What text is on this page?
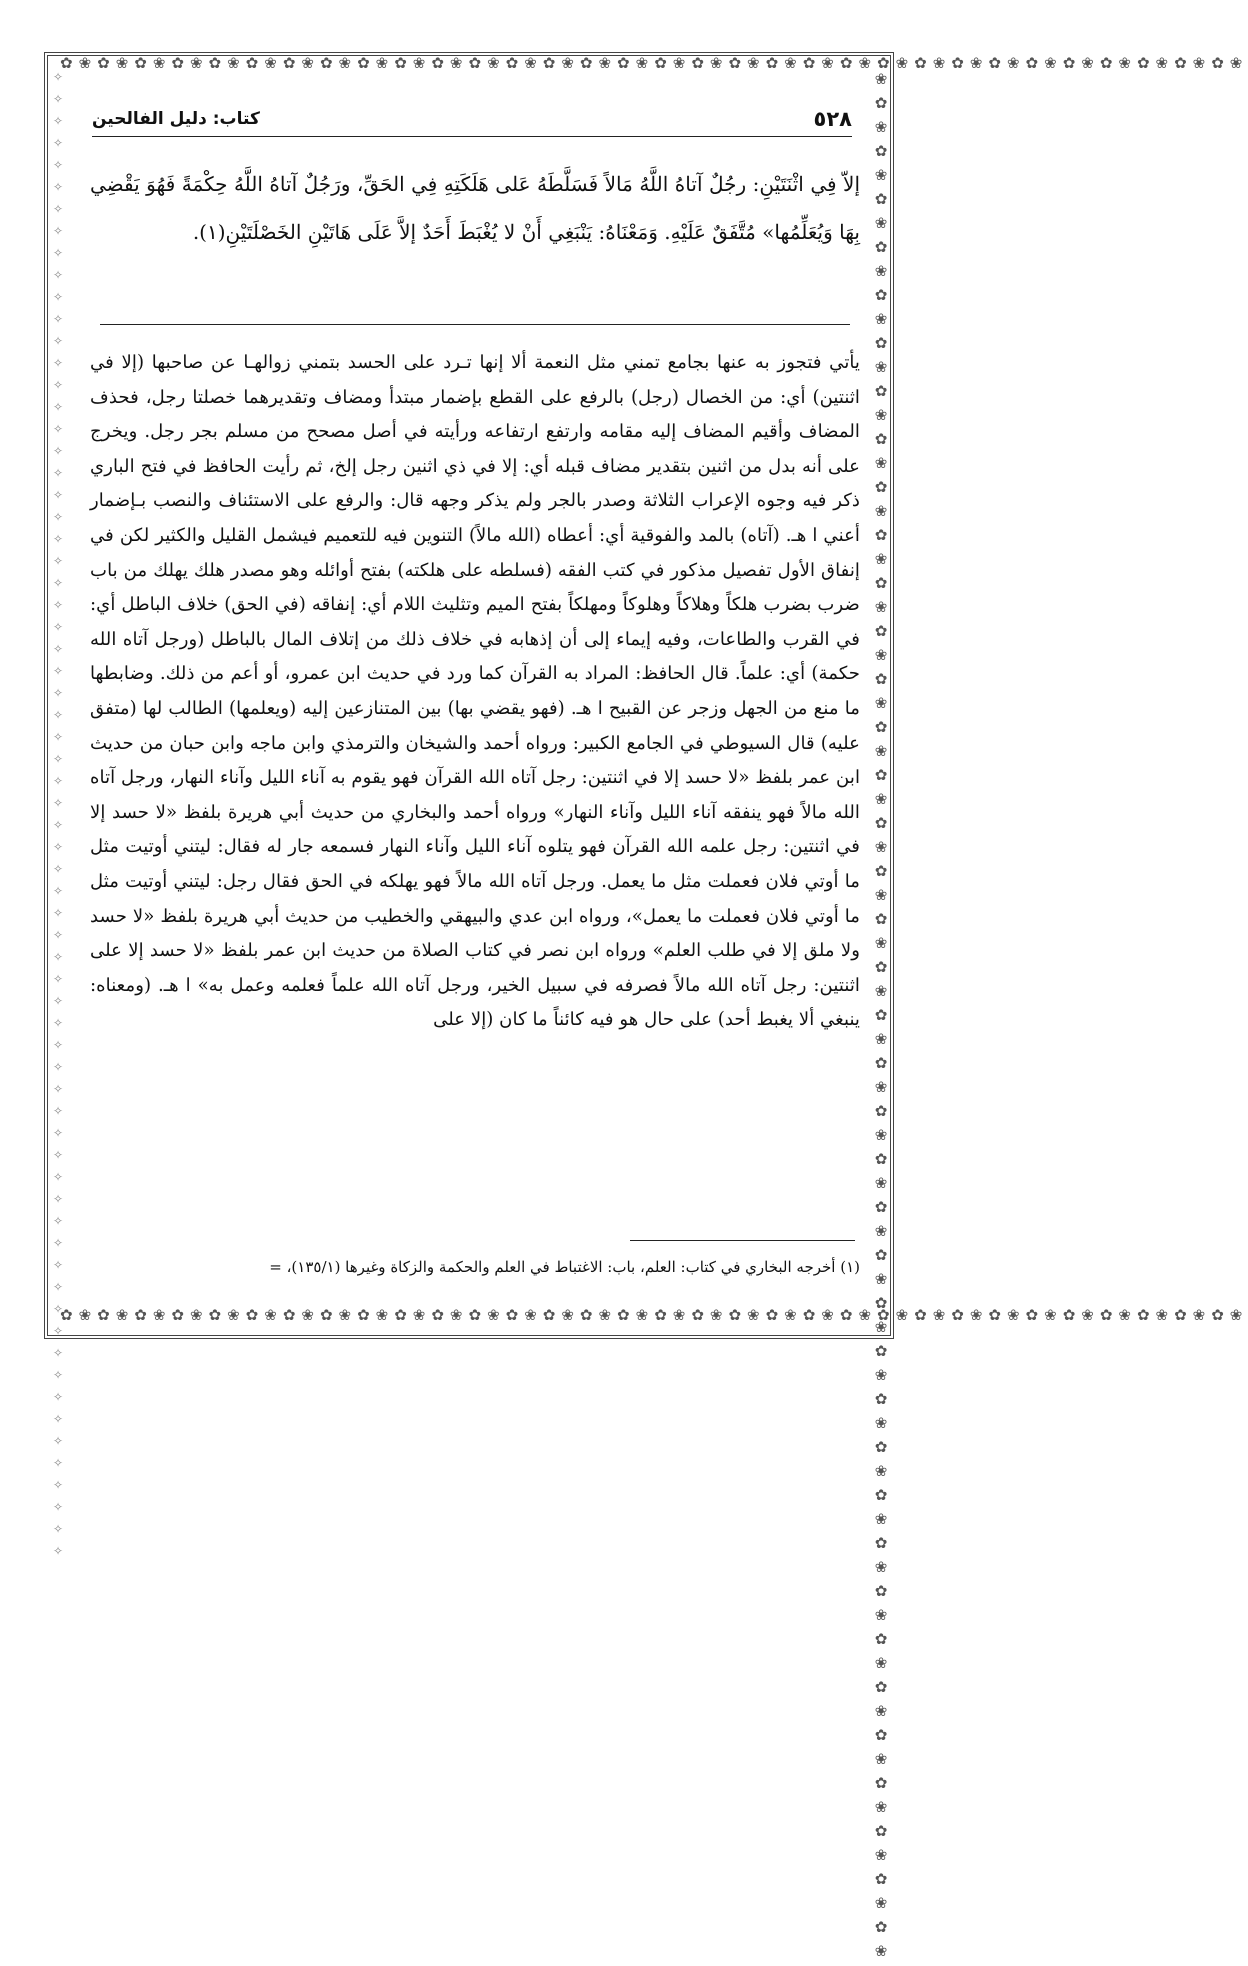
✿❀✿❀✿❀✿❀✿❀✿❀✿❀✿❀✿❀✿❀✿❀✿❀✿❀✿❀✿❀✿❀✿❀✿❀✿❀✿❀✿❀✿❀✿❀✿❀✿❀✿❀✿❀✿❀✿❀✿❀✿❀✿❀
✿❀✿❀✿❀✿❀✿❀✿❀✿❀✿❀✿❀✿❀✿❀✿❀✿❀✿❀✿❀✿❀✿❀✿❀✿❀✿❀✿❀✿❀✿❀✿❀✿❀✿❀✿❀✿❀✿❀✿❀✿❀✿❀
❀✿❀✿❀✿❀✿❀✿❀✿❀✿❀✿❀✿❀✿❀✿❀✿❀✿❀✿❀✿❀✿❀✿❀✿❀✿❀✿❀✿❀✿❀✿❀✿❀✿❀✿❀✿❀✿❀✿❀✿❀✿❀✿❀✿❀✿❀✿❀✿❀✿❀✿❀✿❀
✧✧✧✧✧✧✧✧✧✧✧✧✧✧✧✧✧✧✧✧✧✧✧✧✧✧✧✧✧✧✧✧✧✧✧✧✧✧✧✧✧✧✧✧✧✧✧✧✧✧✧✧✧✧✧✧✧✧✧✧✧✧✧✧✧✧✧✧	٥٢٨
كتاب: دليل الفالحين
إلاّ فِي اثْنَتَيْنِ: رجُلٌ آتاهُ اللَّهُ مَالاً فَسَلَّطَهُ عَلى هَلَكَتِهِ فِي الحَقِّ، ورَجُلٌ آتاهُ اللَّهُ حِكْمَةً فَهُوَ يَقْضِي بِهَا وَيُعَلِّمُها» مُتَّفَقٌ عَلَيْهِ. وَمَعْنَاهُ: يَنْبَغِي أَنْ لا يُغْبَطَ أَحَدٌ إلاَّ عَلَى هَاتَيْنِ الخَصْلَتَيْنِ(١).
يأتي فتجوز به عنها بجامع تمني مثل النعمة ألا إنها تـرد على الحسد بتمني زوالهـا عن صاحبها (إلا في اثنتين) أي: من الخصال (رجل) بالرفع على القطع بإضمار مبتدأ ومضاف وتقديرهما خصلتا رجل، فحذف المضاف وأقيم المضاف إليه مقامه وارتفع ارتفاعه ورأيته في أصل مصحح من مسلم بجر رجل. ويخرج على أنه بدل من اثنين بتقدير مضاف قبله أي: إلا في ذي اثنين رجل إلخ، ثم رأيت الحافظ في فتح الباري ذكر فيه وجوه الإعراب الثلاثة وصدر بالجر ولم يذكر وجهه قال: والرفع على الاستئناف والنصب بـإضمار أعني ا هـ. (آتاه) بالمد والفوقية أي: أعطاه (الله مالاً) التنوين فيه للتعميم فيشمل القليل والكثير لكن في إنفاق الأول تفصيل مذكور في كتب الفقه (فسلطه على هلكته) بفتح أوائله وهو مصدر هلك يهلك من باب ضرب بضرب هلكاً وهلاكاً وهلوكاً ومهلكاً بفتح الميم وتثليث اللام أي: إنفاقه (في الحق) خلاف الباطل أي: في القرب والطاعات، وفيه إيماء إلى أن إذهابه في خلاف ذلك من إتلاف المال بالباطل (ورجل آتاه الله حكمة) أي: علماً. قال الحافظ: المراد به القرآن كما ورد في حديث ابن عمرو، أو أعم من ذلك. وضابطها ما منع من الجهل وزجر عن القبيح ا هـ. (فهو يقضي بها) بين المتنازعين إليه (ويعلمها) الطالب لها (متفق عليه) قال السيوطي في الجامع الكبير: ورواه أحمد والشيخان والترمذي وابن ماجه وابن حبان من حديث ابن عمر بلفظ «لا حسد إلا في اثنتين: رجل آتاه الله القرآن فهو يقوم به آناء الليل وآناء النهار، ورجل آتاه الله مالاً فهو ينفقه آناء الليل وآناء النهار» ورواه أحمد والبخاري من حديث أبي هريرة بلفظ «لا حسد إلا في اثنتين: رجل علمه الله القرآن فهو يتلوه آناء الليل وآناء النهار فسمعه جار له فقال: ليتني أوتيت مثل ما أوتي فلان فعملت مثل ما يعمل. ورجل آتاه الله مالاً فهو يهلكه في الحق فقال رجل: ليتني أوتيت مثل ما أوتي فلان فعملت ما يعمل»، ورواه ابن عدي والبيهقي والخطيب من حديث أبي هريرة بلفظ «لا حسد ولا ملق إلا في طلب العلم» ورواه ابن نصر في كتاب الصلاة من حديث ابن عمر بلفظ «لا حسد إلا على اثنتين: رجل آتاه الله مالاً فصرفه في سبيل الخير، ورجل آتاه الله علماً فعلمه وعمل به» ا هـ. (ومعناه: ينبغي ألا يغبط أحد) على حال هو فيه كائناً ما كان (إلا على
(١) أخرجه البخاري في كتاب: العلم، باب: الاغتباط في العلم والحكمة والزكاة وغيرها (١٣٥/١)، =
